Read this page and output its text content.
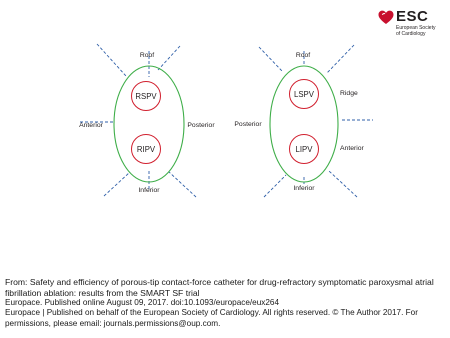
ESC
European Society
of Cardiology
RSPV
RIPV
Roof
Inferior
Anterior	Posterior
LSPV
LIPV
Roof
Inferior
Posterior
Ridge
Anterior
From: Safety and efficiency of porous-tip contact-force catheter for drug-refractory symptomatic paroxysmal atrial fibrillation ablation: results from the SMART SF trial
Europace. Published online August 09, 2017. doi:10.1093/europace/eux264
Europace | Published on behalf of the European Society of Cardiology. All rights reserved. © The Author 2017. For permissions, please email: journals.permissions@oup.com.
